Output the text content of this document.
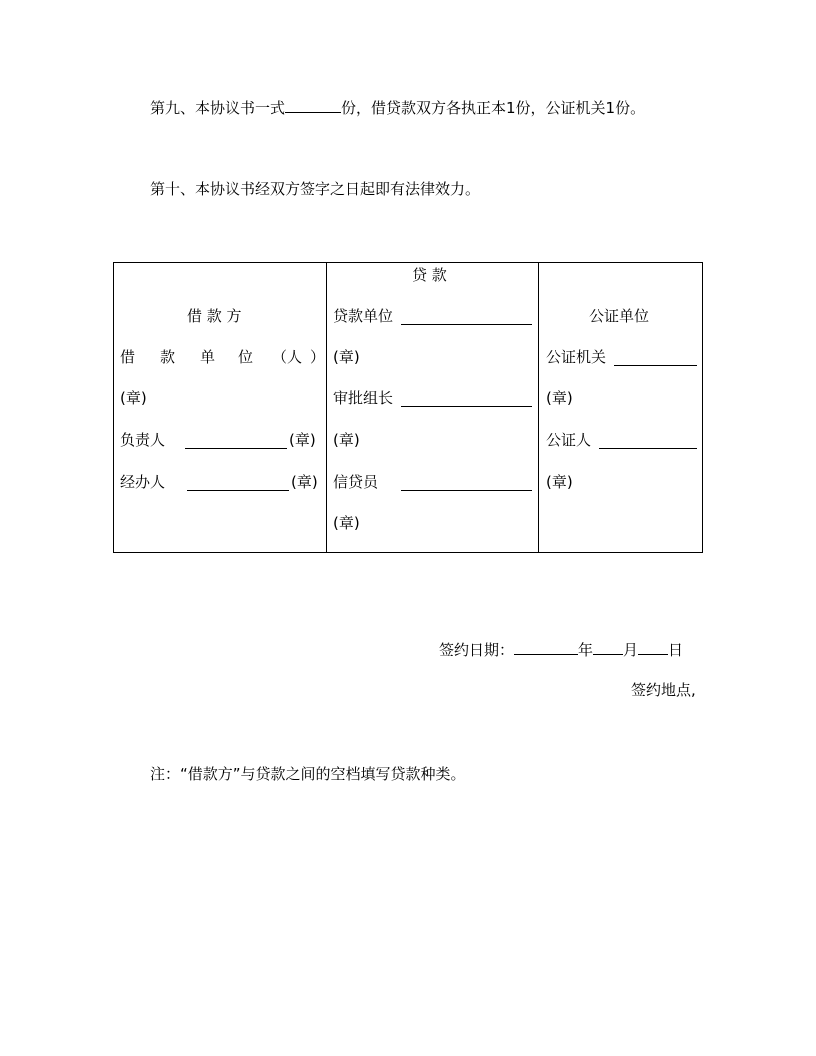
第九、本协议书一式	份，借贷款双方各执正本1份，公证机关1份。
第十、本协议书经双方签字之日起即有法律效力。
借 款 方
借 款 单 位 （人 ）
(章)
负责人	(章)
经办人	(章)
贷 款
贷款单位
(章)
审批组长
(章)
信贷员
(章)
公证单位
公证机关
(章)
公证人
(章)
签约日期：	年 月 日
签约地点,
注：“借款方”与贷款之间的空档填写贷款种类。
